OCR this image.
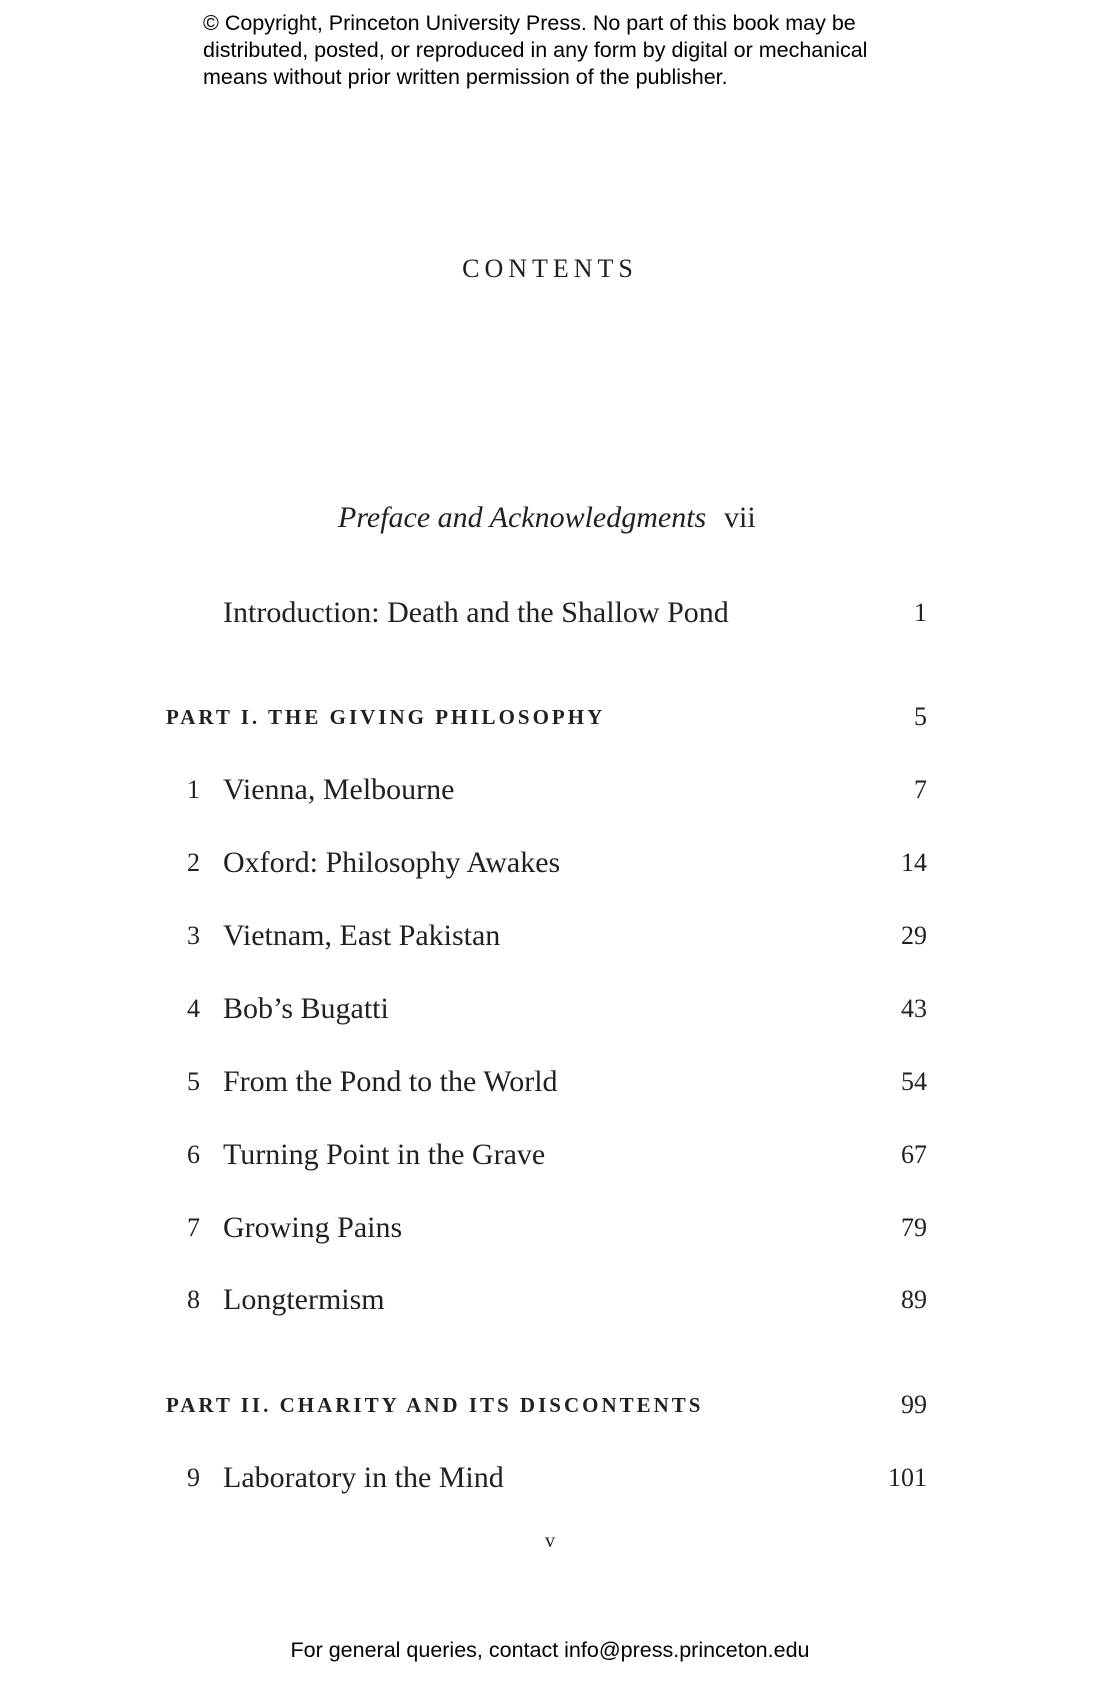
© Copyright, Princeton University Press. No part of this book may be
distributed, posted, or reproduced in any form by digital or mechanical
means without prior written permission of the publisher.
CONTENTS
Preface and Acknowledgments vii
Introduction: Death and the Shallow Pond	1
PART I. THE GIVING PHILOSOPHY	5
1 Vienna, Melbourne	7
2 Oxford: Philosophy Awakes	14
3 Vietnam, East Pakistan	29
4 Bob’s Bugatti	43
5 From the Pond to the World	54
6 Turning Point in the Grave	67
7 Growing Pains	79
8 Longtermism	89
PART II. CHARITY AND ITS DISCONTENTS	99
9 Laboratory in the Mind	101
v
For general queries, contact info@press.princeton.edu
